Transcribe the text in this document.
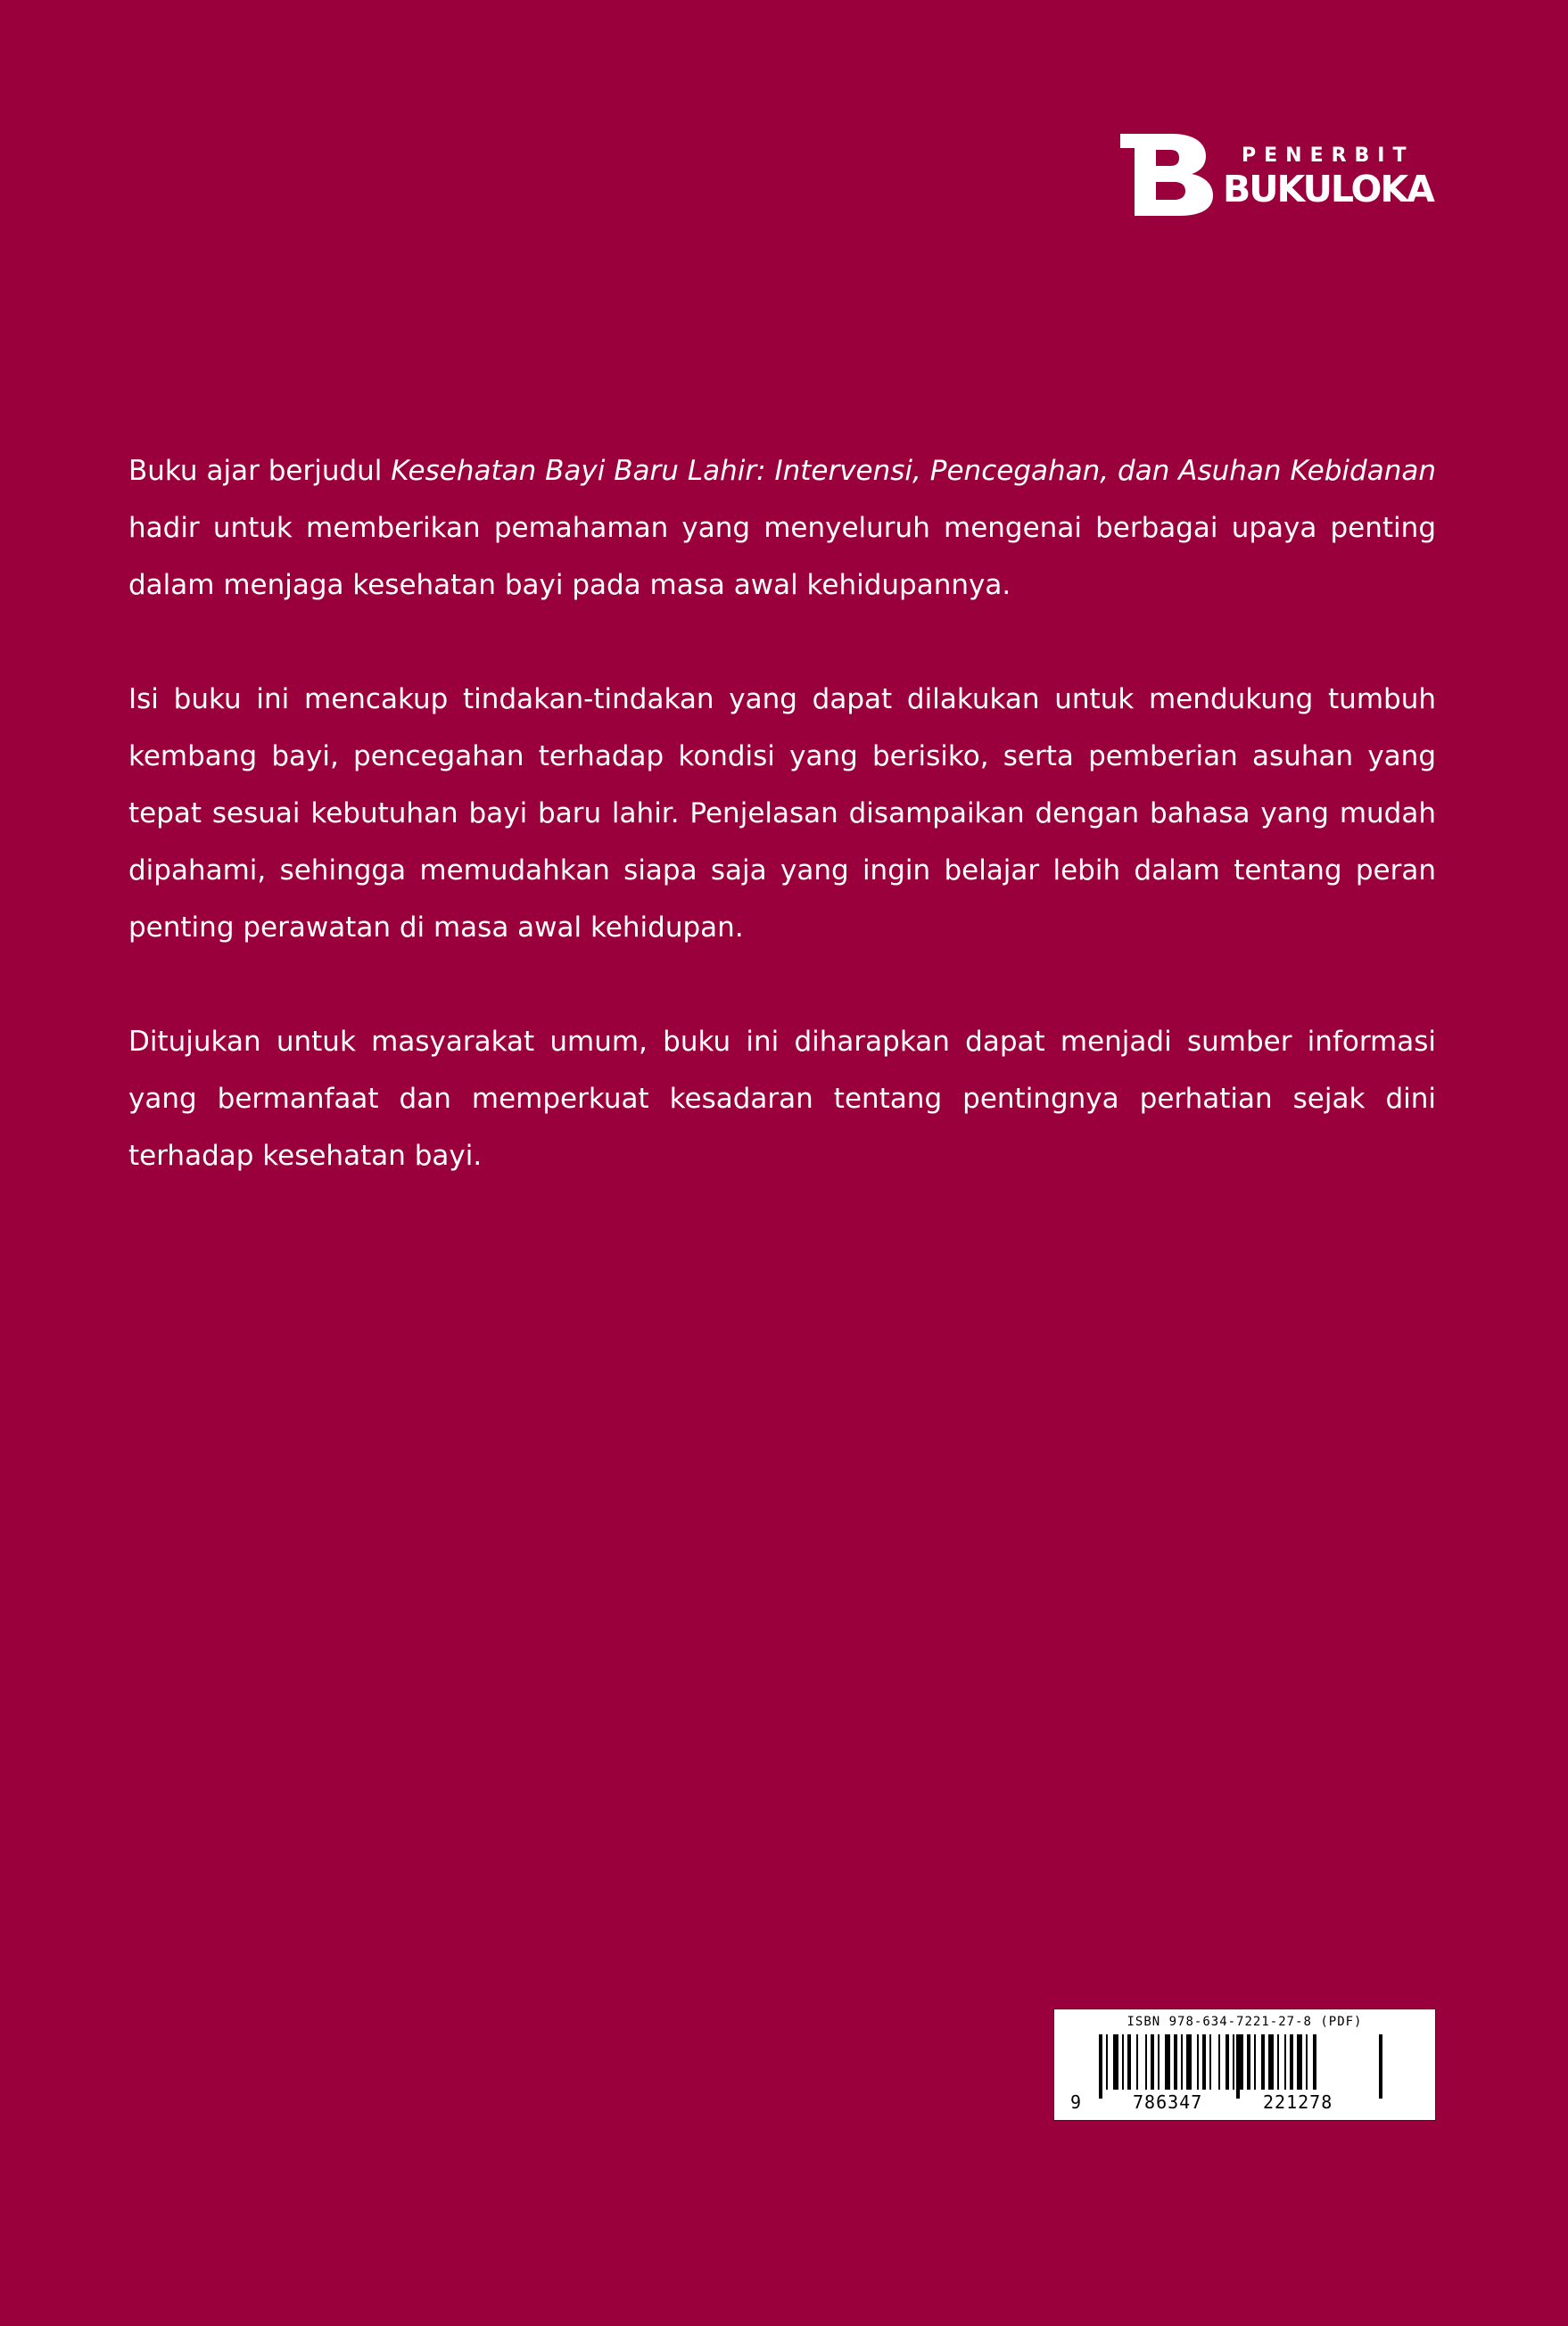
PENERBIT
BUKULOKA

Buku ajar berjudul Kesehatan Bayi Baru Lahir: Intervensi, Pencegahan, dan Asuhan Kebidanan hadir untuk memberikan pemahaman yang menyeluruh mengenai berbagai upaya penting dalam menjaga kesehatan bayi pada masa awal kehidupannya.

Isi buku ini mencakup tindakan-tindakan yang dapat dilakukan untuk mendukung tumbuh kembang bayi, pencegahan terhadap kondisi yang berisiko, serta pemberian asuhan yang tepat sesuai kebutuhan bayi baru lahir. Penjelasan disampaikan dengan bahasa yang mudah dipahami, sehingga memudahkan siapa saja yang ingin belajar lebih dalam tentang peran penting perawatan di masa awal kehidupan.

Ditujukan untuk masyarakat umum, buku ini diharapkan dapat menjadi sumber informasi yang bermanfaat dan memperkuat kesadaran tentang pentingnya perhatian sejak dini terhadap kesehatan bayi.

ISBN 978-634-7221-27-8 (PDF)
9	786347	221278
